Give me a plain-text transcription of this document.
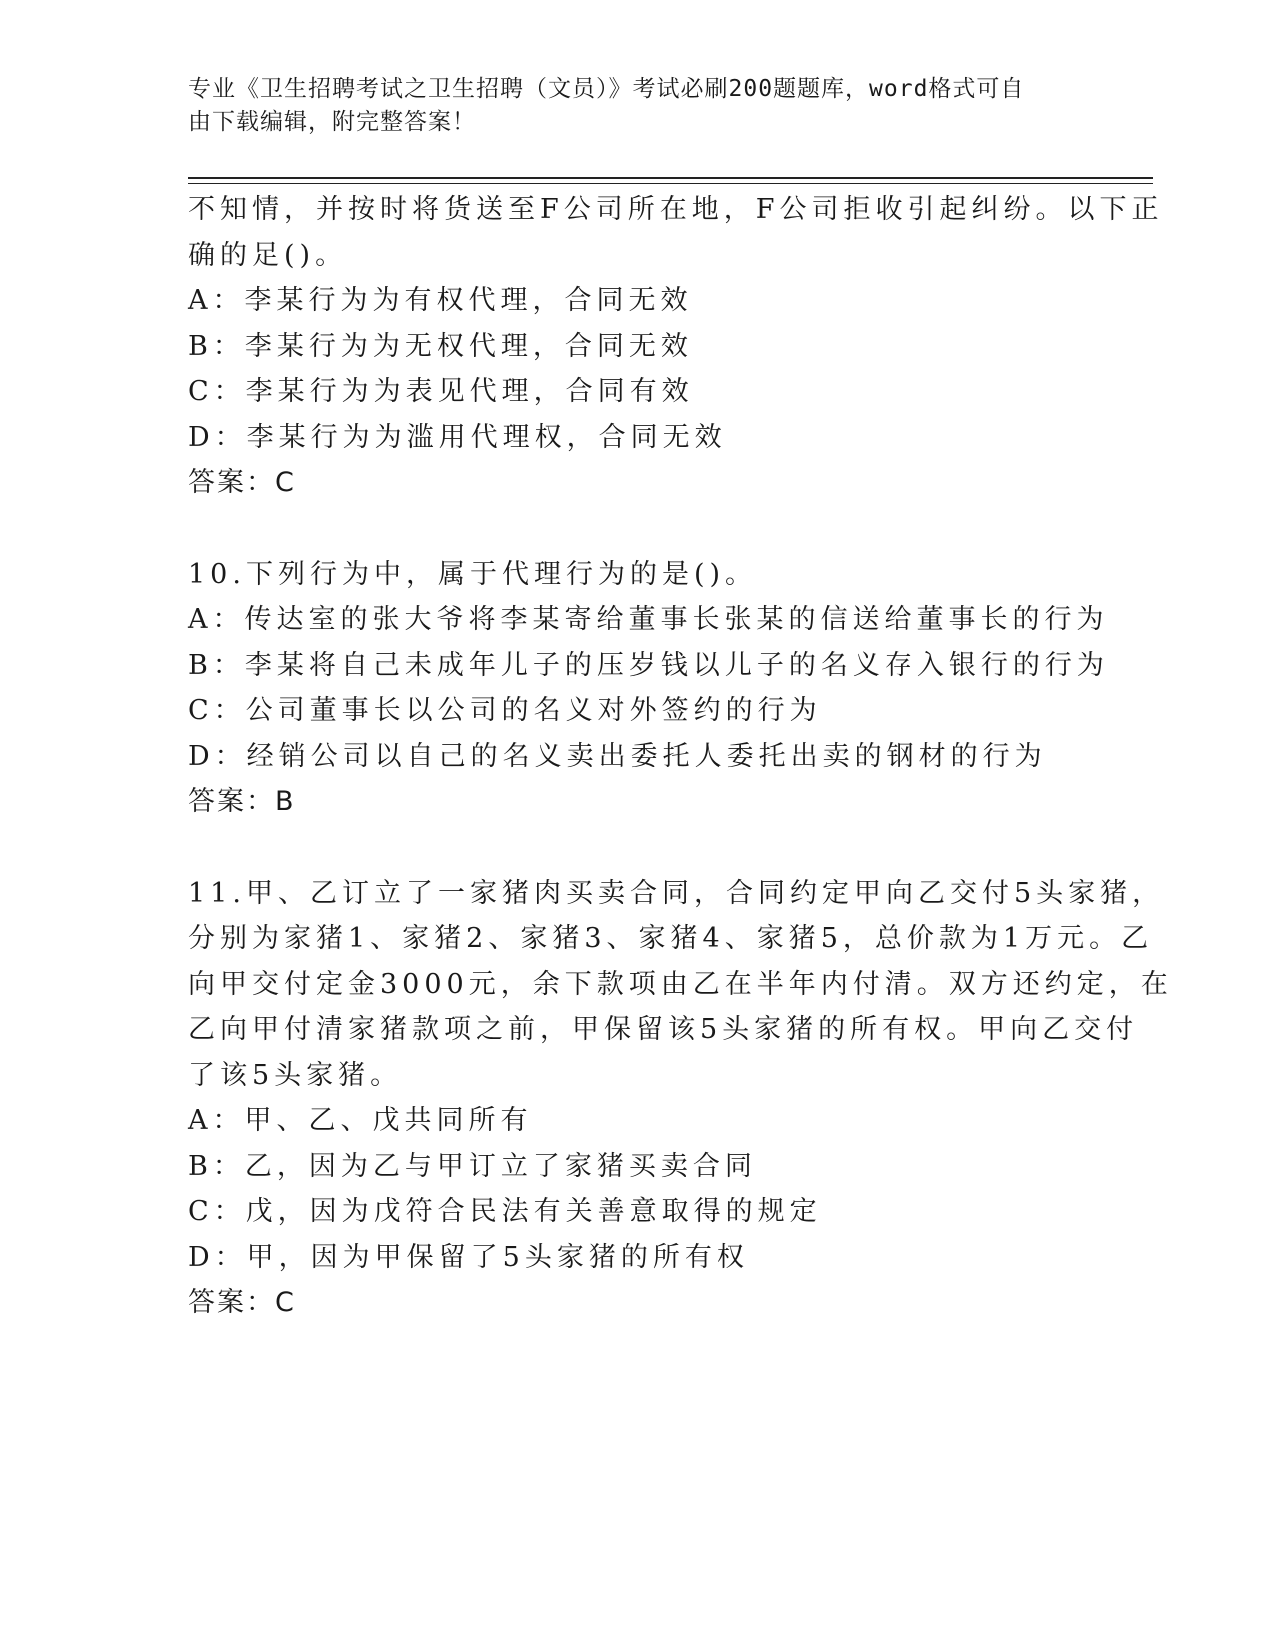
专业《卫生招聘考试之卫生招聘（文员）》考试必刷200题题库，word格式可自
由下载编辑，附完整答案！
不知情，并按时将货送至F公司所在地，F公司拒收引起纠纷。以下正
确的足()。
A：李某行为为有权代理，合同无效
B：李某行为为无权代理，合同无效
C：李某行为为表见代理，合同有效
D：李某行为为滥用代理权，合同无效
答案：C
10.下列行为中，属于代理行为的是()。
A：传达室的张大爷将李某寄给董事长张某的信送给董事长的行为
B：李某将自己未成年儿子的压岁钱以儿子的名义存入银行的行为
C：公司董事长以公司的名义对外签约的行为
D：经销公司以自己的名义卖出委托人委托出卖的钢材的行为
答案：B
11.甲、乙订立了一家猪肉买卖合同，合同约定甲向乙交付5头家猪，
分别为家猪1、家猪2、家猪3、家猪4、家猪5，总价款为1万元。乙
向甲交付定金3000元，余下款项由乙在半年内付清。双方还约定，在
乙向甲付清家猪款项之前，甲保留该5头家猪的所有权。甲向乙交付
了该5头家猪。
A：甲、乙、戊共同所有
B：乙，因为乙与甲订立了家猪买卖合同
C：戊，因为戊符合民法有关善意取得的规定
D：甲，因为甲保留了5头家猪的所有权
答案：C
